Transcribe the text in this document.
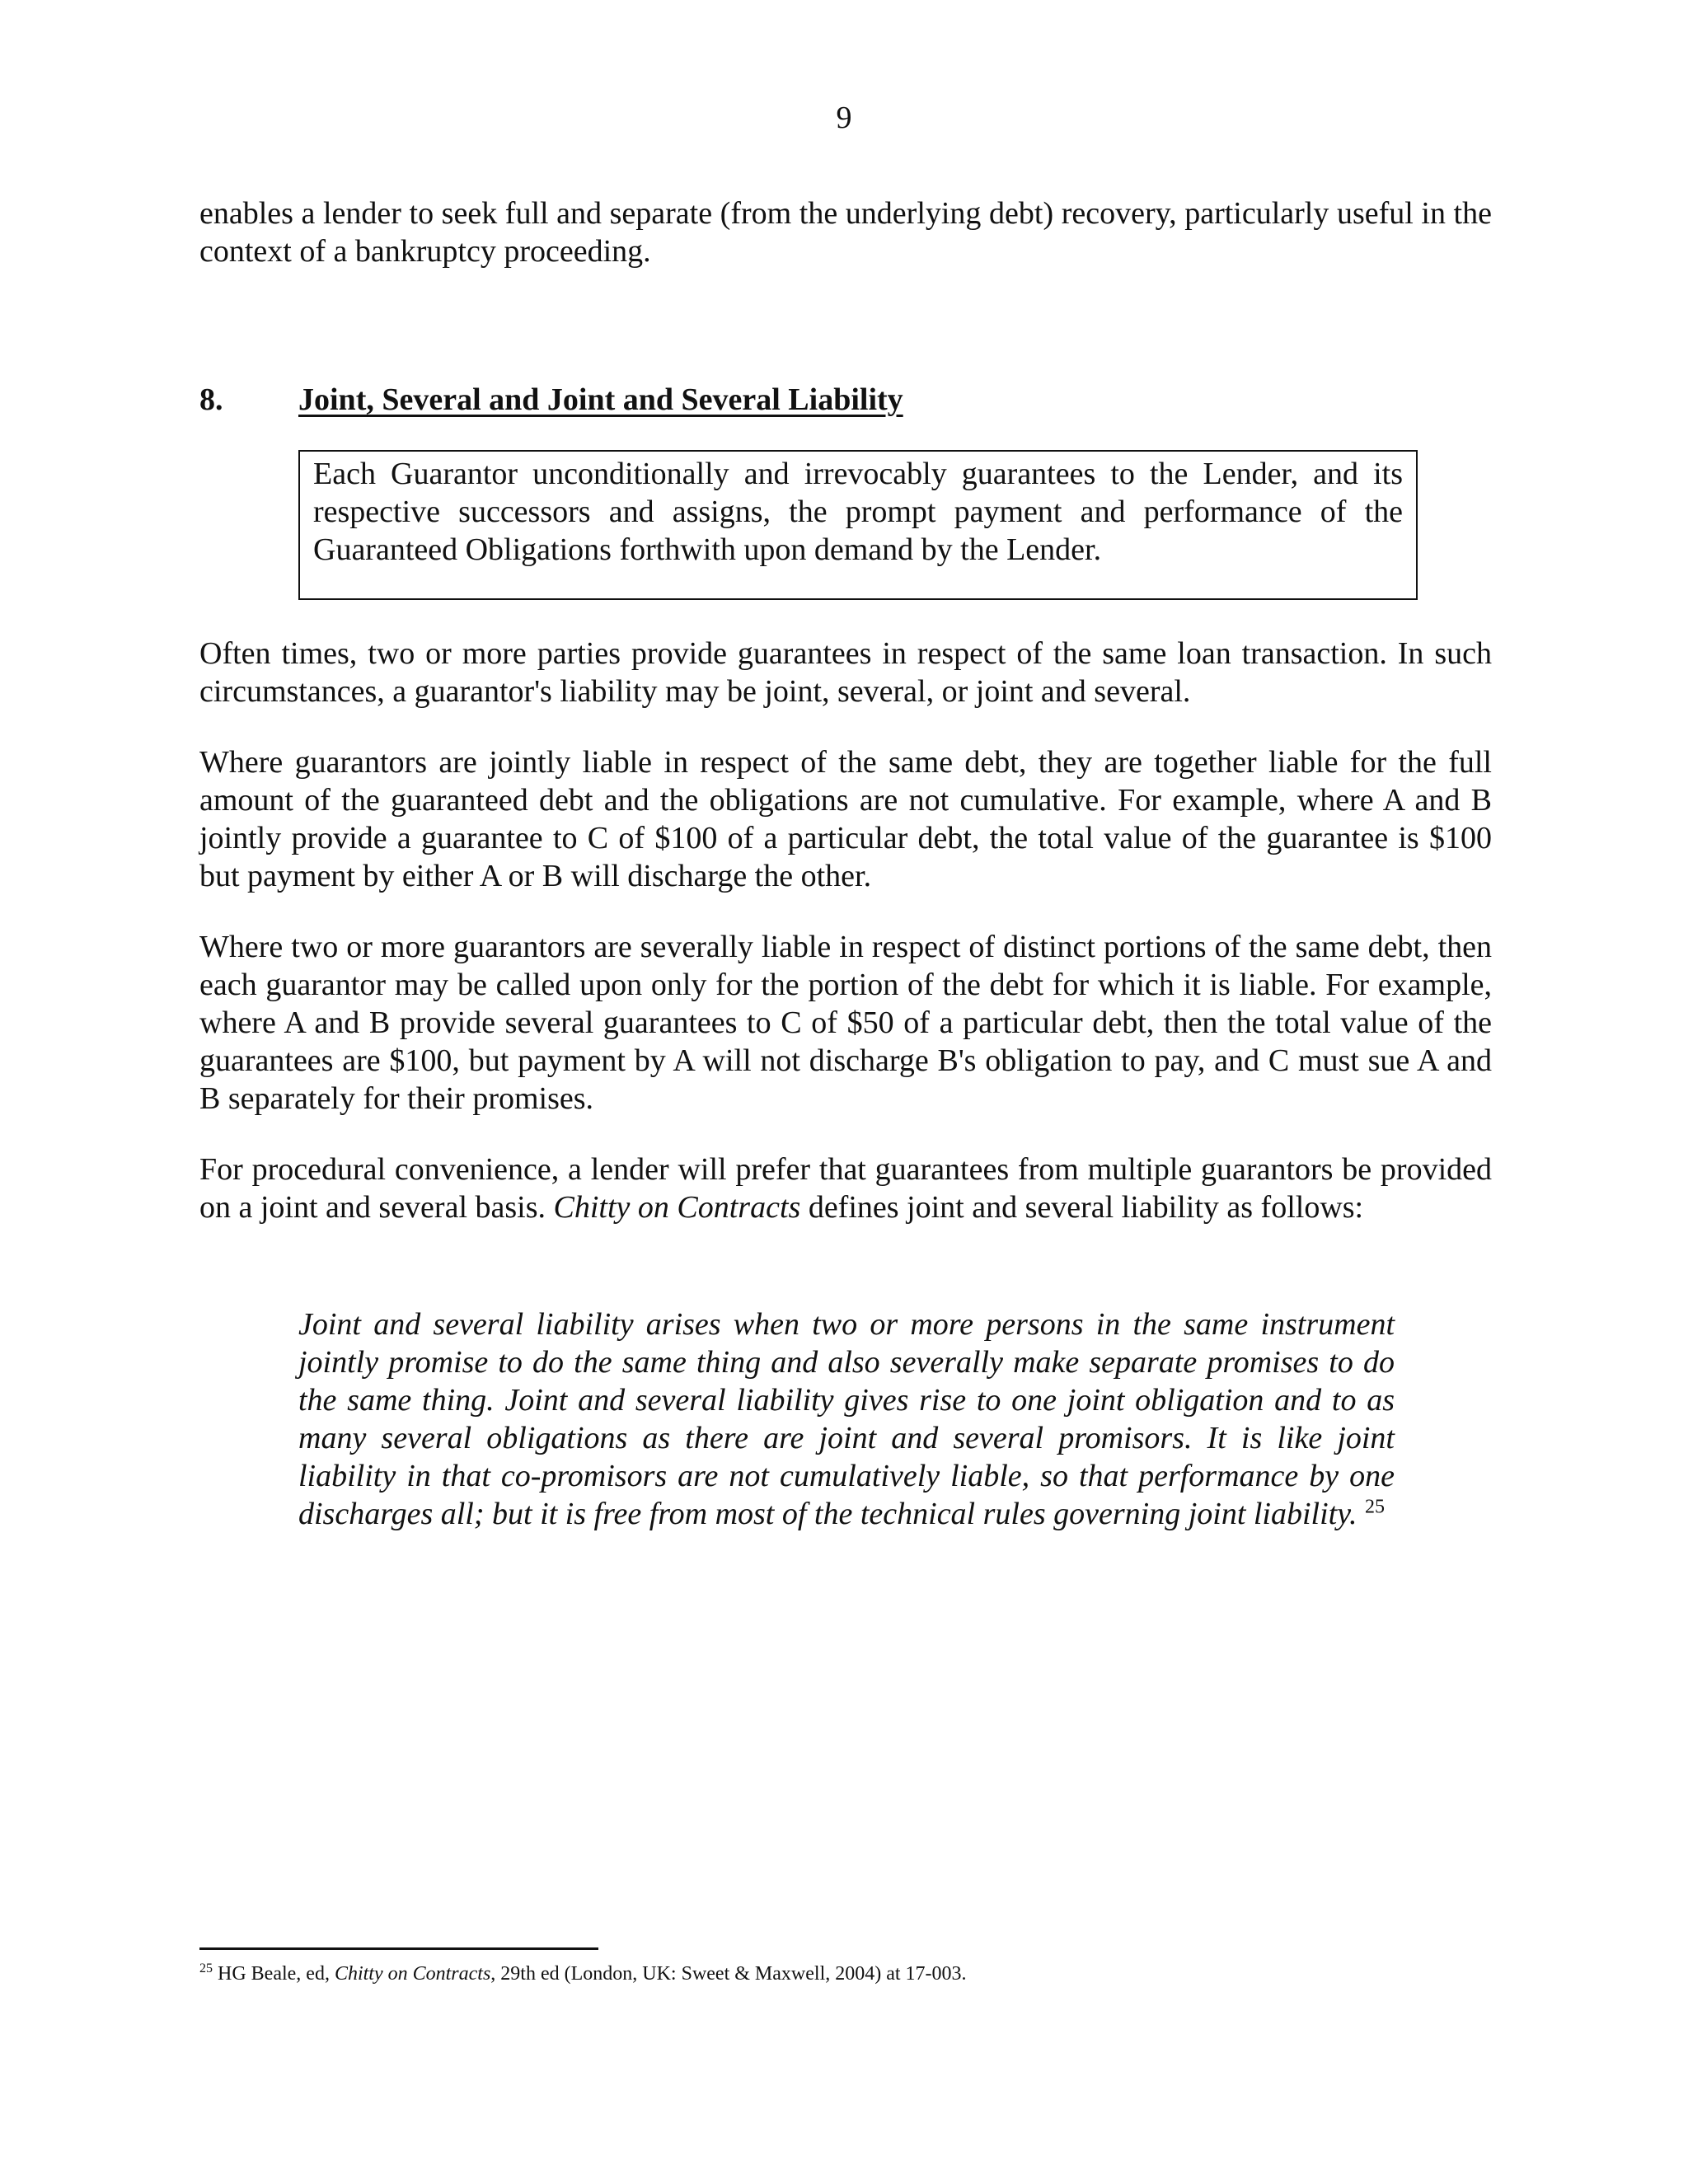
9

enables a lender to seek full and separate (from the underlying debt) recovery, particularly useful in the context of a bankruptcy proceeding.

8. Joint, Several and Joint and Several Liability

Each Guarantor unconditionally and irrevocably guarantees to the Lender, and its respective successors and assigns, the prompt payment and performance of the Guaranteed Obligations forthwith upon demand by the Lender.

Often times, two or more parties provide guarantees in respect of the same loan transaction. In such circumstances, a guarantor's liability may be joint, several, or joint and several.

Where guarantors are jointly liable in respect of the same debt, they are together liable for the full amount of the guaranteed debt and the obligations are not cumulative. For example, where A and B jointly provide a guarantee to C of $100 of a particular debt, the total value of the guarantee is $100 but payment by either A or B will discharge the other.

Where two or more guarantors are severally liable in respect of distinct portions of the same debt, then each guarantor may be called upon only for the portion of the debt for which it is liable. For example, where A and B provide several guarantees to C of $50 of a particular debt, then the total value of the guarantees are $100, but payment by A will not discharge B's obligation to pay, and C must sue A and B separately for their promises.

For procedural convenience, a lender will prefer that guarantees from multiple guarantors be provided on a joint and several basis. Chitty on Contracts defines joint and several liability as follows:

Joint and several liability arises when two or more persons in the same instrument jointly promise to do the same thing and also severally make separate promises to do the same thing. Joint and several liability gives rise to one joint obligation and to as many several obligations as there are joint and several promisors. It is like joint liability in that co-promisors are not cumulatively liable, so that performance by one discharges all; but it is free from most of the technical rules governing joint liability. $^{25}$

$^{25}$ HG Beale, ed, Chitty on Contracts, 29th ed (London, UK: Sweet & Maxwell, 2004) at 17-003.
